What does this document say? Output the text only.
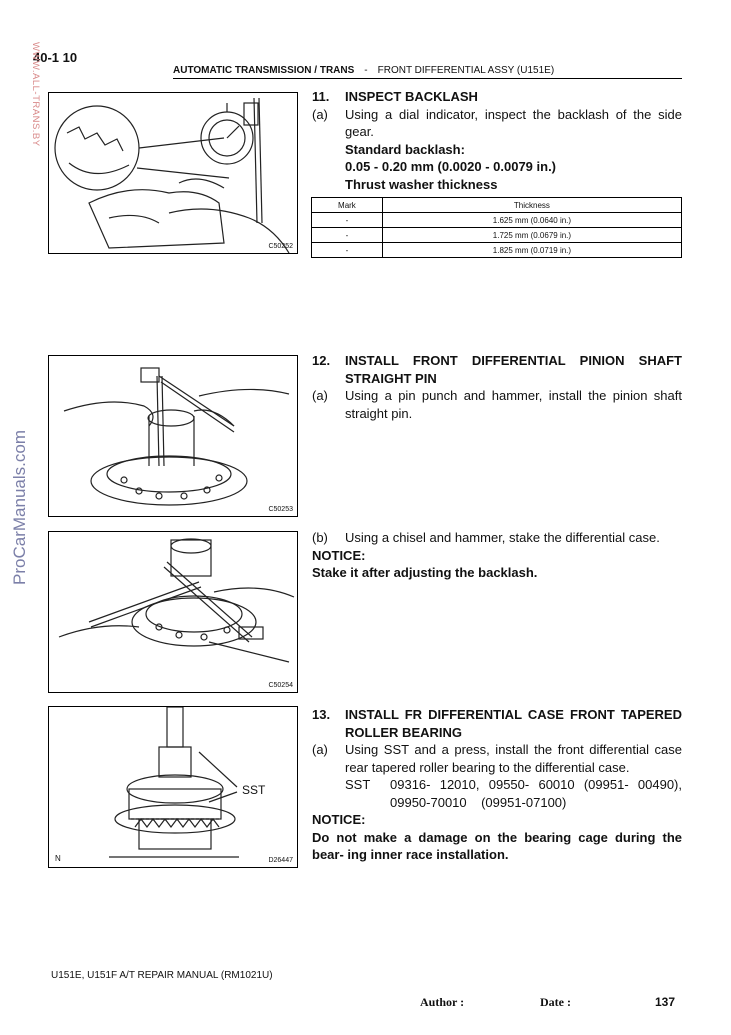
40-1 10
AUTOMATIC TRANSMISSION / TRANS - FRONT DIFFERENTIAL ASSY (U151E)
WWW.ALL-TRANS.BY
ProCarManuals.com
C50252
C50253
C50254
SST
N	D26447
11. INSPECT BACKLASH
(a) Using a dial indicator, inspect the backlash of the side gear.
Standard backlash:
0.05 - 0.20 mm (0.0020 - 0.0079 in.)
Thrust washer thickness
Mark	Thickness
-	1.625 mm (0.0640 in.)
-	1.725 mm (0.0679 in.)
-	1.825 mm (0.0719 in.)
12. INSTALL FRONT DIFFERENTIAL PINION SHAFT
STRAIGHT PIN
(a) Using a pin punch and hammer, install the pinion shaft straight pin.
(b) Using a chisel and hammer, stake the differential case.
NOTICE:
Stake it after adjusting the backlash.
13. INSTALL FR DIFFERENTIAL CASE FRONT TAPERED
ROLLER BEARING
(a) Using SST and a press, install the front differential case rear tapered roller bearing to the differential case.
SST	09316- 12010, 09550- 60010 (09951- 00490),
09950-70010    (09951-07100)
NOTICE:
Do not make a damage on the bearing cage during the bear- ing inner race installation.
U151E, U151F A/T REPAIR MANUAL (RM1021U)
Author :	Date :	137
